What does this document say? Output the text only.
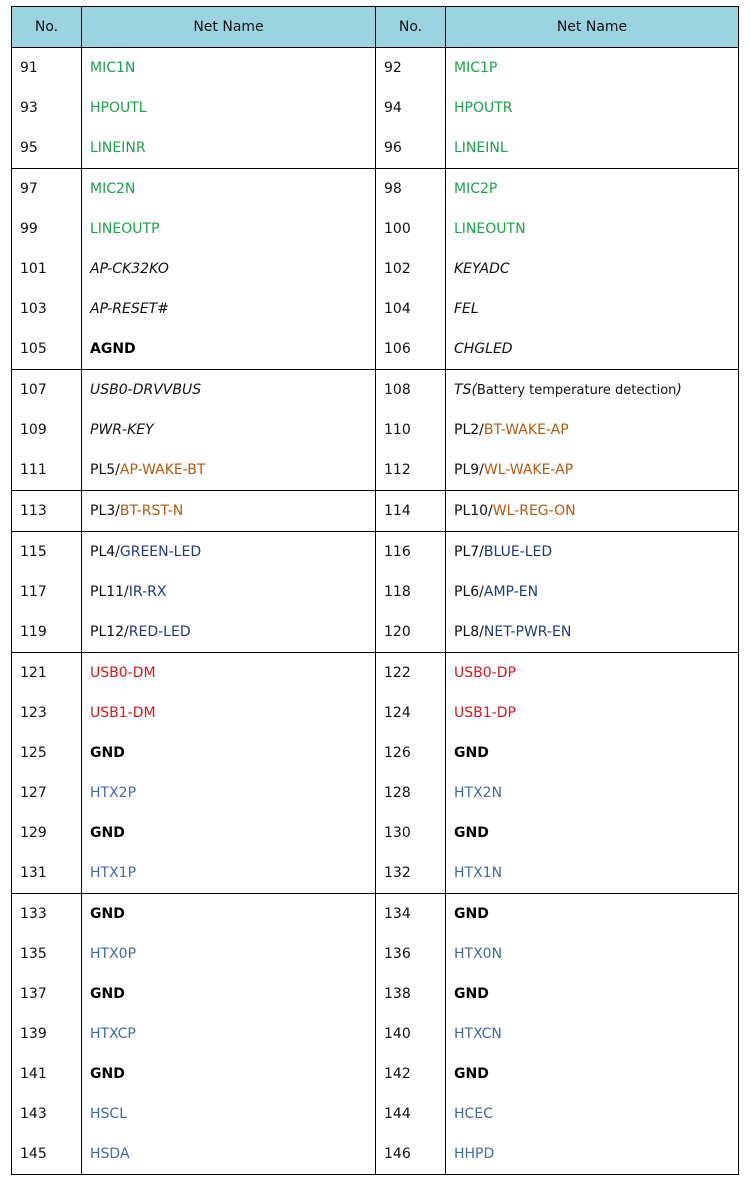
No.	Net Name	No.	Net Name
91	MIC1N	92	MIC1P
93	HPOUTL	94	HPOUTR
95	LINEINR	96	LINEINL
97	MIC2N	98	MIC2P
99	LINEOUTP	100	LINEOUTN
101	AP-CK32KO	102	KEYADC
103	AP-RESET#	104	FEL
105	AGND	106	CHGLED
107	USB0-DRVVBUS	108	TS(Battery temperature detection)
109	PWR-KEY	110	PL2/BT-WAKE-AP
111	PL5/AP-WAKE-BT	112	PL9/WL-WAKE-AP
113	PL3/BT-RST-N	114	PL10/WL-REG-ON
115	PL4/GREEN-LED	116	PL7/BLUE-LED
117	PL11/IR-RX	118	PL6/AMP-EN
119	PL12/RED-LED	120	PL8/NET-PWR-EN
121	USB0-DM	122	USB0-DP
123	USB1-DM	124	USB1-DP
125	GND	126	GND
127	HTX2P	128	HTX2N
129	GND	130	GND
131	HTX1P	132	HTX1N
133	GND	134	GND
135	HTX0P	136	HTX0N
137	GND	138	GND
139	HTXCP	140	HTXCN
141	GND	142	GND
143	HSCL	144	HCEC
145	HSDA	146	HHPD
